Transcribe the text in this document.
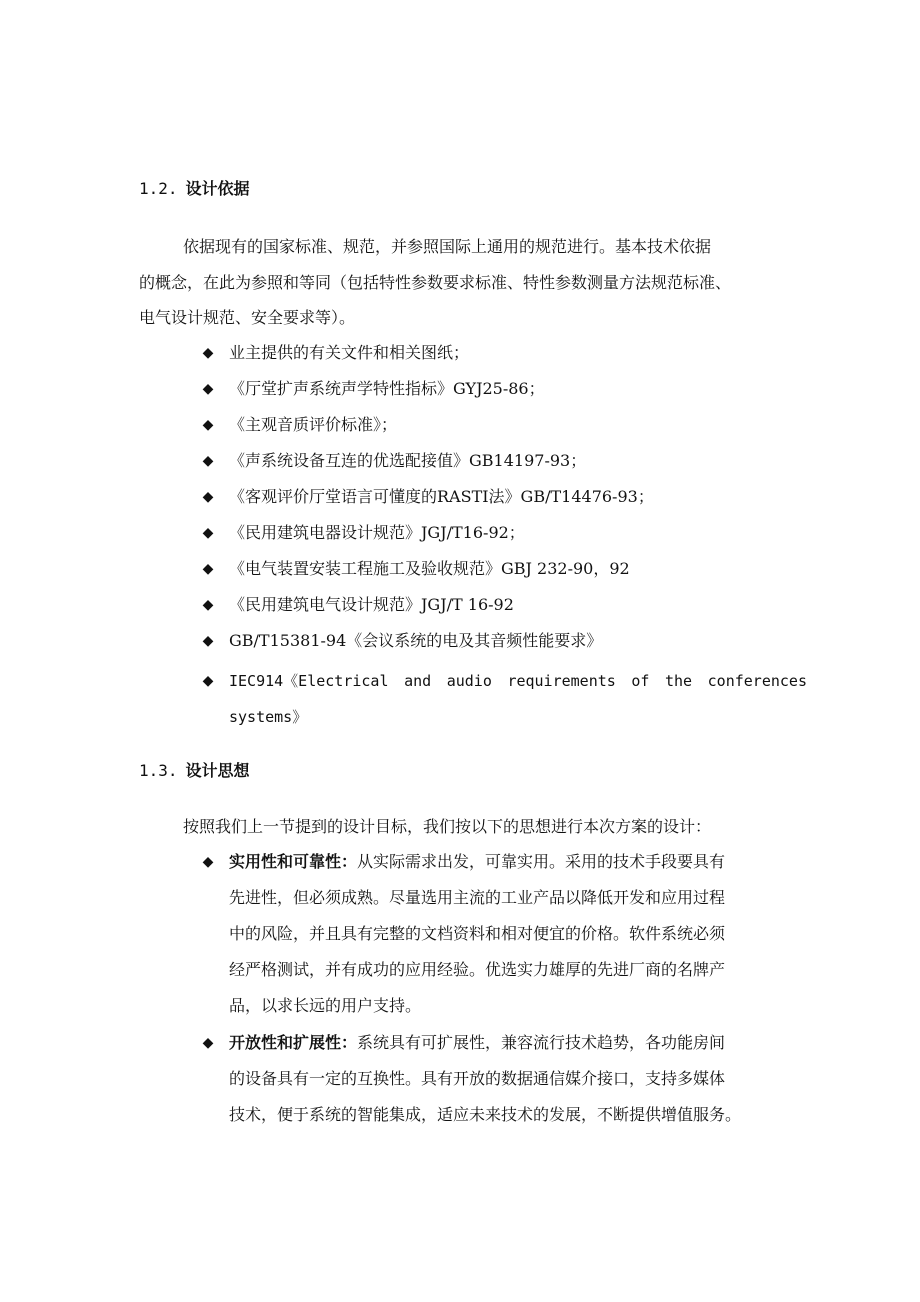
1.2. 设计依据
依据现有的国家标准、规范，并参照国际上通用的规范进行。基本技术依据
的概念，在此为参照和等同（包括特性参数要求标准、特性参数测量方法规范标准、
电气设计规范、安全要求等）。
◆ 业主提供的有关文件和相关图纸；
◆ 《厅堂扩声系统声学特性指标》GYJ25-86；
◆ 《主观音质评价标准》；
◆ 《声系统设备互连的优选配接值》GB14197-93；
◆ 《客观评价厅堂语言可懂度的RASTI法》GB/T14476-93；
◆ 《民用建筑电器设计规范》JGJ/T16-92；
◆ 《电气装置安装工程施工及验收规范》GBJ 232-90，92
◆ 《民用建筑电气设计规范》JGJ/T 16-92
◆ GB/T15381-94《会议系统的电及其音频性能要求》
◆ IEC914《Electrical and audio requirements of the conferences
systems》
1.3. 设计思想
按照我们上一节提到的设计目标，我们按以下的思想进行本次方案的设计：
◆ 实用性和可靠性：从实际需求出发，可靠实用。采用的技术手段要具有
先进性，但必须成熟。尽量选用主流的工业产品以降低开发和应用过程
中的风险，并且具有完整的文档资料和相对便宜的价格。软件系统必须
经严格测试，并有成功的应用经验。优选实力雄厚的先进厂商的名牌产
品，以求长远的用户支持。
◆ 开放性和扩展性：系统具有可扩展性，兼容流行技术趋势，各功能房间
的设备具有一定的互换性。具有开放的数据通信媒介接口，支持多媒体
技术，便于系统的智能集成，适应未来技术的发展，不断提供增值服务。
